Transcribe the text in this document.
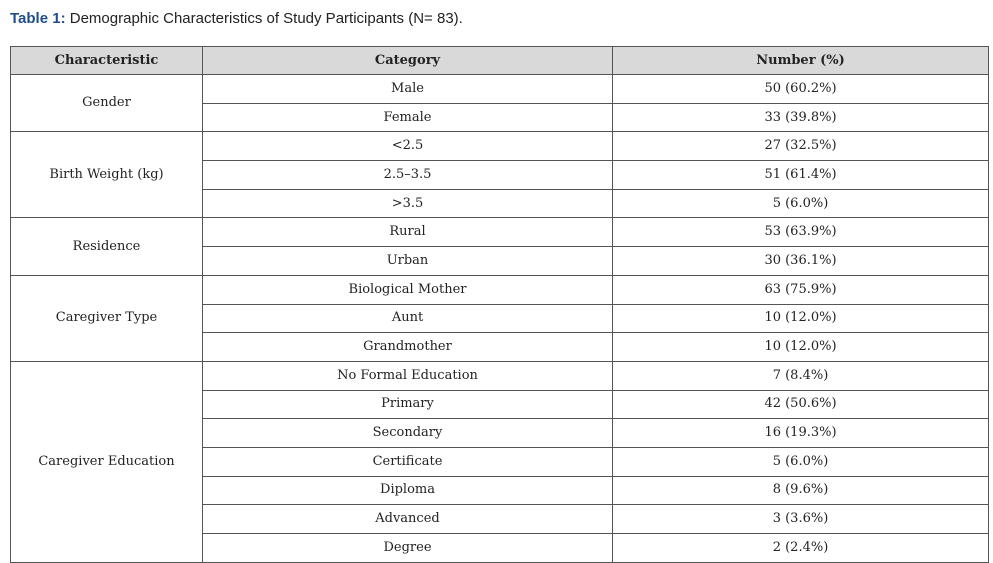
Table 1: Demographic Characteristics of Study Participants (N= 83).
Characteristic	Category	Number (%)
Gender	Male	50 (60.2%)
	Female	33 (39.8%)
Birth Weight (kg)	<2.5	27 (32.5%)
	2.5–3.5	51 (61.4%)
	>3.5	5 (6.0%)
Residence	Rural	53 (63.9%)
	Urban	30 (36.1%)
Caregiver Type	Biological Mother	63 (75.9%)
	Aunt	10 (12.0%)
	Grandmother	10 (12.0%)
Caregiver Education	No Formal Education	7 (8.4%)
	Primary	42 (50.6%)
	Secondary	16 (19.3%)
	Certificate	5 (6.0%)
	Diploma	8 (9.6%)
	Advanced	3 (3.6%)
	Degree	2 (2.4%)
